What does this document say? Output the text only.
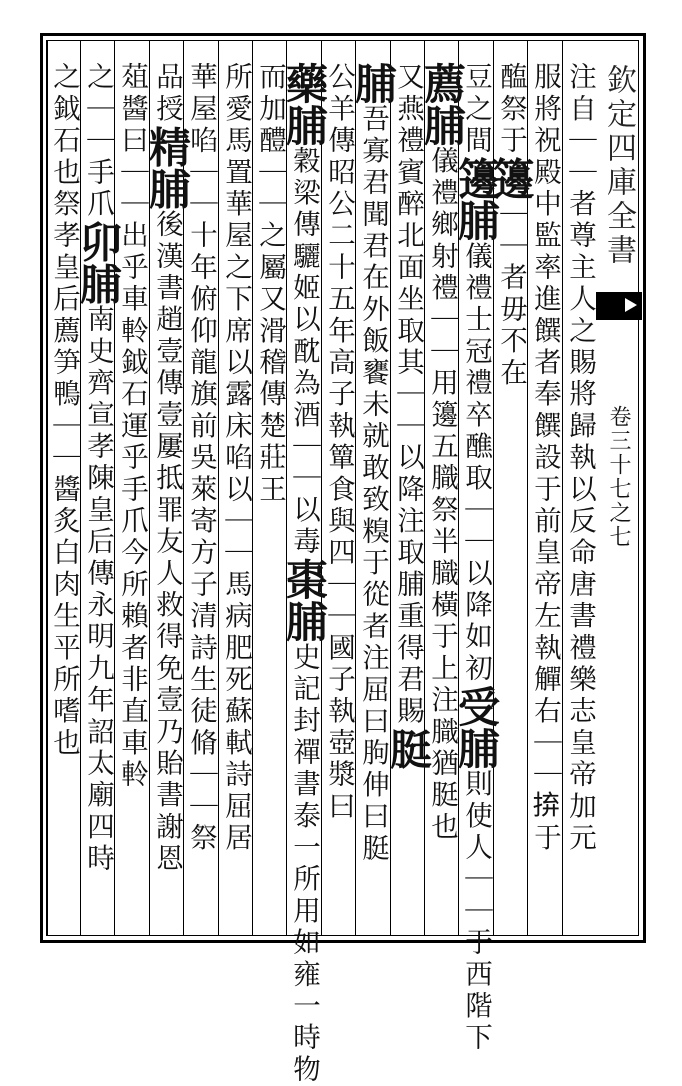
注自｜｜者尊主人之賜將歸執以反命唐書禮樂志皇帝加元
服將祝殿中監率進饌者奉饌設于前皇帝左執觶右｜｜𢬵于
醢祭于籩｜｜者毋不在
豆之間籩脯儀禮士冠禮卒醮取｜｜以降如初受脯則使人｜｜于西階下
薦脯儀禮鄉射禮｜｜用籩五膱祭半膱橫于上注膱猶脡也
又燕禮賓醉北面坐取其｜｜以降注取脯重得君賜脡
脯吾寡君聞君在外飯饔未就敢致糗于從者注屈曰朐伸曰脡
公羊傳昭公二十五年高子執簞食與四｜｜國子執壺漿曰
藥脯穀梁傳驪姬以酖為酒｜｜以毒棗脯史記封禪書泰一所用如雍一時物
而加醴｜｜之屬又滑稽傳楚莊王
所愛馬置華屋之下席以露床啗以｜｜馬病肥死蘇軾詩屈居
華屋啗｜｜十年俯仰龍旗前吳萊寄方子清詩生徒脩｜｜祭
品授精脯後漢書趙壹傳壹屢抵罪友人救得免壹乃貽書謝恩
葅醬曰｜｜出乎車軨鉞石運乎手爪今所賴者非直車軨
之｜｜手爪卯脯南史齊宣孝陳皇后傳永明九年詔太廟四時
之鉞石也祭孝皇后薦笋鴨｜｜醬炙白肉生平所嗜也
欽定四庫全書
卷三十七之七
